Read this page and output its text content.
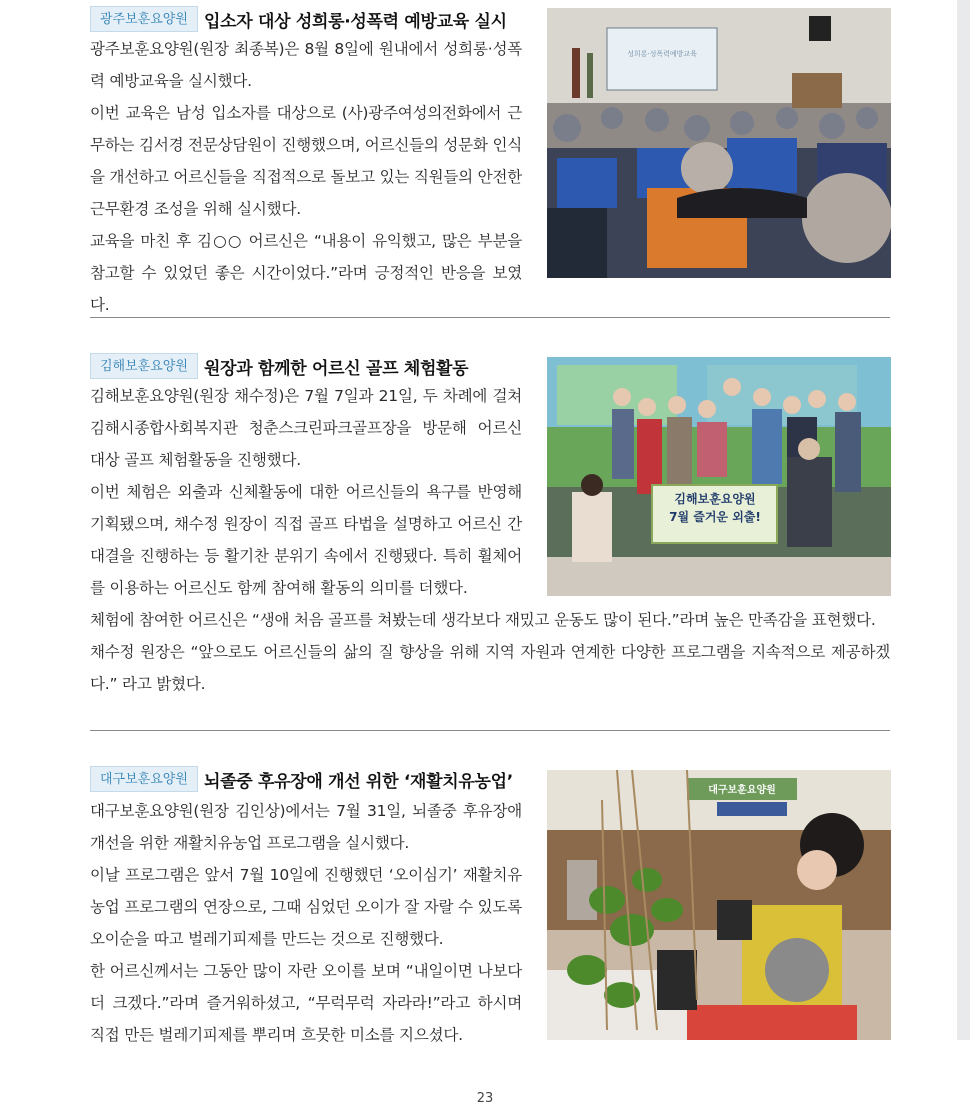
광주보훈요양원 입소자 대상 성희롱·성폭력 예방교육 실시

광주보훈요양원(원장 최종복)은 8월 8일에 원내에서 성희롱·성폭력 예방교육을 실시했다.

이번 교육은 남성 입소자를 대상으로 (사)광주여성의전화에서 근무하는 김서경 전문상담원이 진행했으며, 어르신들의 성문화 인식을 개선하고 어르신들을 직접적으로 돌보고 있는 직원들의 안전한 근무환경 조성을 위해 실시했다.

교육을 마친 후 김○○ 어르신은 “내용이 유익했고, 많은 부분을 참고할 수 있었던 좋은 시간이었다.”라며 긍정적인 반응을 보였다.

성희롱·성폭력예방교육
김해보훈요양원 원장과 함께한 어르신 골프 체험활동

김해보훈요양원(원장 채수정)은 7월 7일과 21일, 두 차례에 걸쳐 김해시종합사회복지관 청춘스크린파크골프장을 방문해 어르신 대상 골프 체험활동을 진행했다.

이번 체험은 외출과 신체활동에 대한 어르신들의 욕구를 반영해 기획됐으며, 채수정 원장이 직접 골프 타법을 설명하고 어르신 간 대결을 진행하는 등 활기찬 분위기 속에서 진행됐다. 특히 휠체어를 이용하는 어르신도 함께 참여해 활동의 의미를 더했다.

체험에 참여한 어르신은 “생애 처음 골프를 쳐봤는데 생각보다 재밌고 운동도 많이 된다.”라며 높은 만족감을 표현했다.

채수정 원장은 “앞으로도 어르신들의 삶의 질 향상을 위해 지역 자원과 연계한 다양한 프로그램을 지속적으로 제공하겠다.” 라고 밝혔다.

김해보훈요양원
7월 즐거운 외출!
대구보훈요양원 뇌졸중 후유장애 개선 위한 ‘재활치유농업’

대구보훈요양원(원장 김인상)에서는 7월 31일, 뇌졸중 후유장애 개선을 위한 재활치유농업 프로그램을 실시했다.

이날 프로그램은 앞서 7월 10일에 진행했던 ‘오이심기’ 재활치유농업 프로그램의 연장으로, 그때 심었던 오이가 잘 자랄 수 있도록 오이순을 따고 벌레기피제를 만드는 것으로 진행했다.

한 어르신께서는 그동안 많이 자란 오이를 보며 “내일이면 나보다 더 크겠다.”라며 즐거워하셨고, “무럭무럭 자라라!”라고 하시며 직접 만든 벌레기피제를 뿌리며 흐뭇한 미소를 지으셨다.

대구보훈요양원
23
